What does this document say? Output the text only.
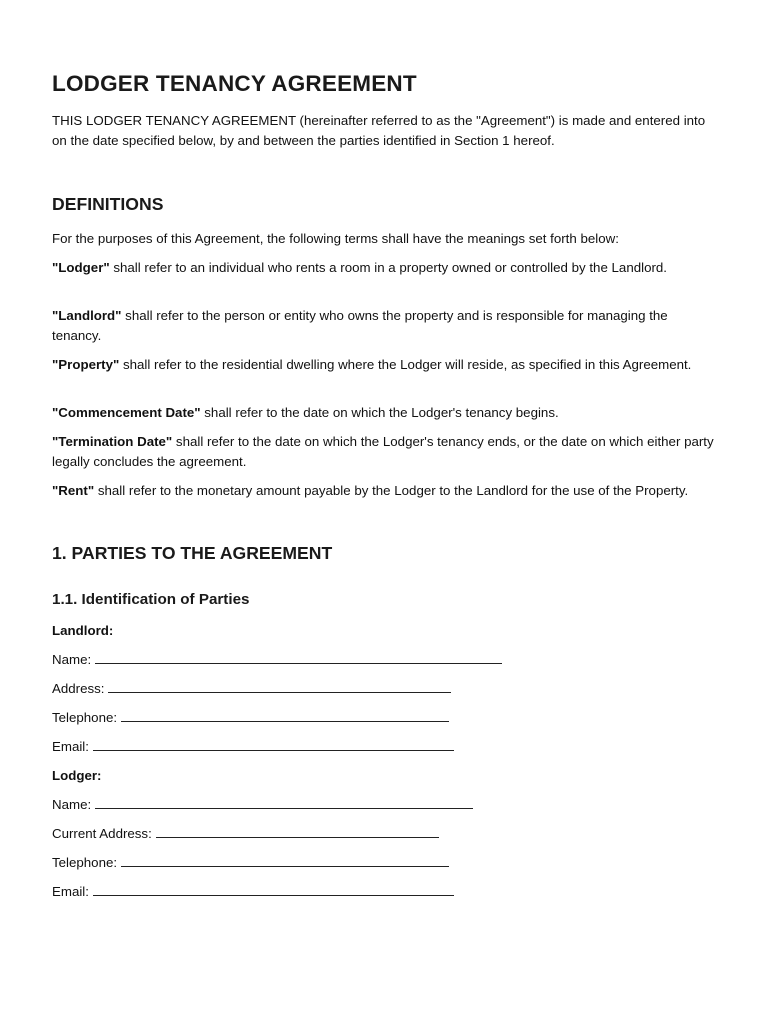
LODGER TENANCY AGREEMENT

THIS LODGER TENANCY AGREEMENT (hereinafter referred to as the "Agreement") is made and entered into on the date specified below, by and between the parties identified in Section 1 hereof.

DEFINITIONS

For the purposes of this Agreement, the following terms shall have the meanings set forth below:

"Lodger" shall refer to an individual who rents a room in a property owned or controlled by the Landlord.

"Landlord" shall refer to the person or entity who owns the property and is responsible for managing the tenancy.

"Property" shall refer to the residential dwelling where the Lodger will reside, as specified in this Agreement.

"Commencement Date" shall refer to the date on which the Lodger's tenancy begins.

"Termination Date" shall refer to the date on which the Lodger's tenancy ends, or the date on which either party legally concludes the agreement.

"Rent" shall refer to the monetary amount payable by the Lodger to the Landlord for the use of the Property.

1. PARTIES TO THE AGREEMENT
1.1. Identification of Parties

Landlord:

Name:

Address:

Telephone:

Email:

Lodger:

Name:

Current Address:

Telephone:

Email:
